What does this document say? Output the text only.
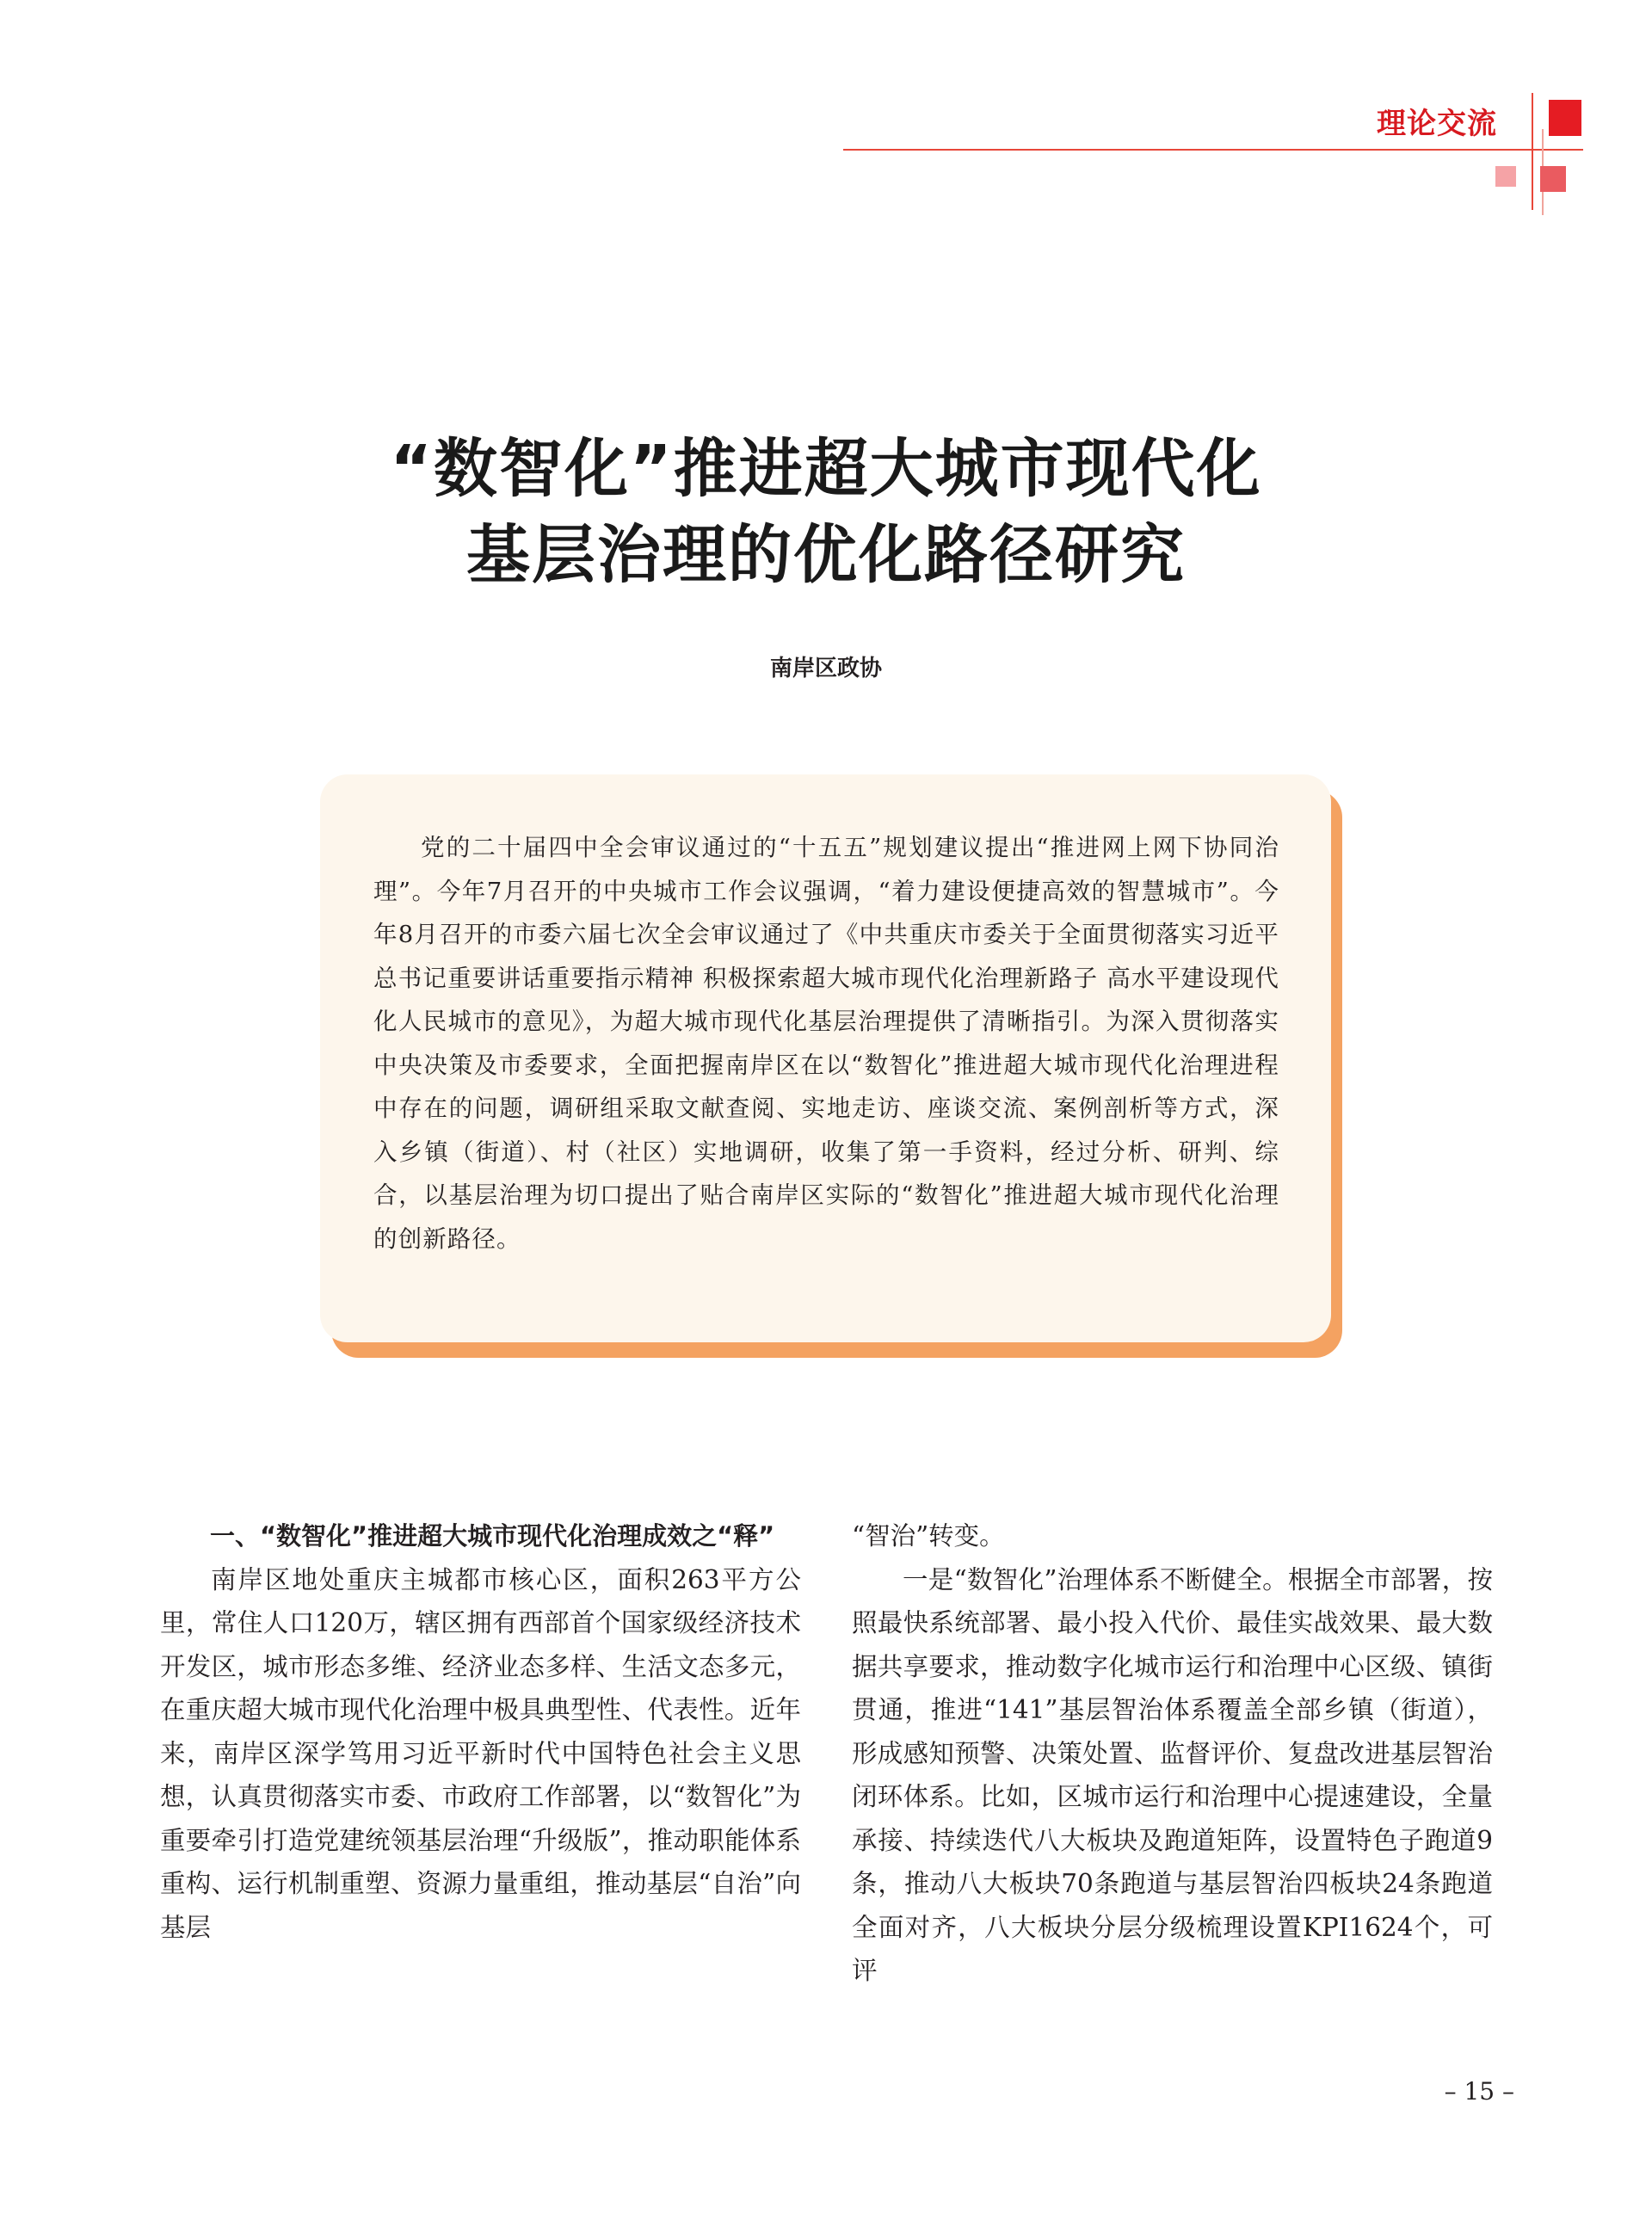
理论交流
“数智化”推进超大城市现代化
基层治理的优化路径研究
南岸区政协

党的二十届四中全会审议通过的“十五五”规划建议提出“推进网上网下协同治理”。今年7月召开的中央城市工作会议强调，“着力建设便捷高效的智慧城市”。今年8月召开的市委六届七次全会审议通过了《中共重庆市委关于全面贯彻落实习近平总书记重要讲话重要指示精神 积极探索超大城市现代化治理新路子 高水平建设现代化人民城市的意见》，为超大城市现代化基层治理提供了清晰指引。为深入贯彻落实中央决策及市委要求，全面把握南岸区在以“数智化”推进超大城市现代化治理进程中存在的问题，调研组采取文献查阅、实地走访、座谈交流、案例剖析等方式，深入乡镇（街道）、村（社区）实地调研，收集了第一手资料，经过分析、研判、综合，以基层治理为切口提出了贴合南岸区实际的“数智化”推进超大城市现代化治理的创新路径。

一、“数智化”推进超大城市现代化治理成效之“释”

南岸区地处重庆主城都市核心区，面积263平方公里，常住人口120万，辖区拥有西部首个国家级经济技术开发区，城市形态多维、经济业态多样、生活文态多元，在重庆超大城市现代化治理中极具典型性、代表性。近年来，南岸区深学笃用习近平新时代中国特色社会主义思想，认真贯彻落实市委、市政府工作部署，以“数智化”为重要牵引打造党建统领基层治理“升级版”，推动职能体系重构、运行机制重塑、资源力量重组，推动基层“自治”向基层

“智治”转变。

一是“数智化”治理体系不断健全。根据全市部署，按照最快系统部署、最小投入代价、最佳实战效果、最大数据共享要求，推动数字化城市运行和治理中心区级、镇街贯通，推进“141”基层智治体系覆盖全部乡镇（街道），形成感知预警、决策处置、监督评价、复盘改进基层智治闭环体系。比如，区城市运行和治理中心提速建设，全量承接、持续迭代八大板块及跑道矩阵，设置特色子跑道9条，推动八大板块70条跑道与基层智治四板块24条跑道全面对齐，八大板块分层分级梳理设置KPI1624个，可评

– 15 –
